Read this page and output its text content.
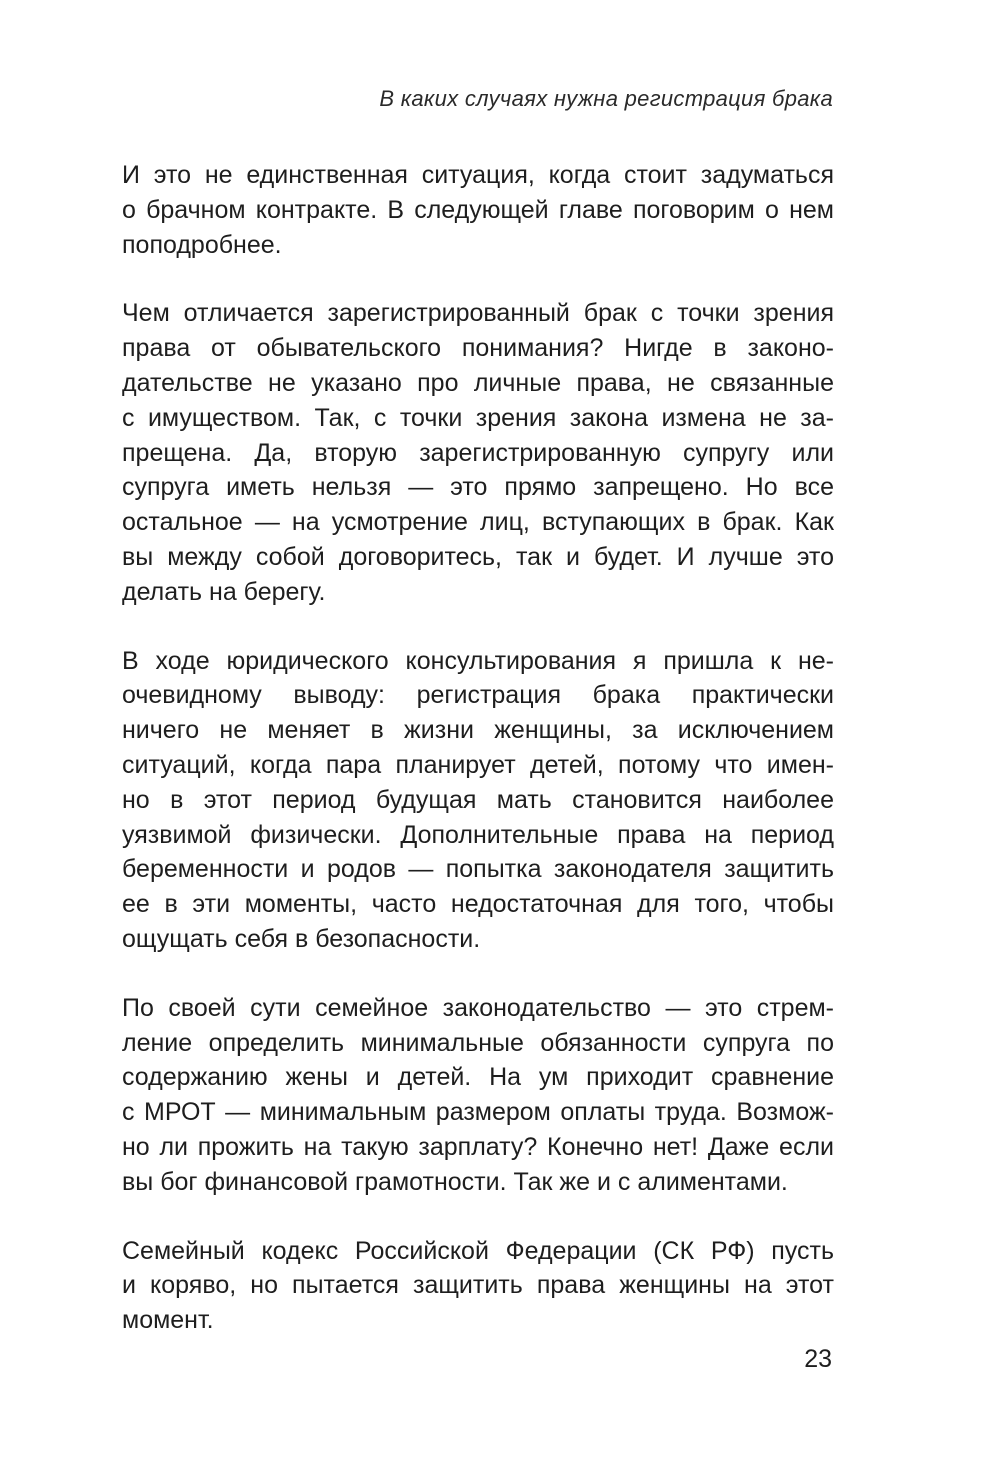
В каких случаях нужна регистрация брака
И это не единственная ситуация, когда стоит задуматься
о брачном контракте. В следующей главе поговорим о нем
поподробнее.
Чем отличается зарегистрированный брак с точки зрения
права от обывательского понимания? Нигде в законо-
дательстве не указано про личные права, не связанные
с имуществом. Так, с точки зрения закона измена не за-
прещена. Да, вторую зарегистрированную супругу или
супруга иметь нельзя — это прямо запрещено. Но все
остальное — на усмотрение лиц, вступающих в брак. Как
вы между собой договоритесь, так и будет. И лучше это
делать на берегу.
В ходе юридического консультирования я пришла к не-
очевидному выводу: регистрация брака практически
ничего не меняет в жизни женщины, за исключением
ситуаций, когда пара планирует детей, потому что имен-
но в этот период будущая мать становится наиболее
уязвимой физически. Дополнительные права на период
беременности и родов — попытка законодателя защитить
ее в эти моменты, часто недостаточная для того, чтобы
ощущать себя в безопасности.
По своей сути семейное законодательство — это стрем-
ление определить минимальные обязанности супруга по
содержанию жены и детей. На ум приходит сравнение
с МРОТ — минимальным размером оплаты труда. Возмож-
но ли прожить на такую зарплату? Конечно нет! Даже если
вы бог финансовой грамотности. Так же и с алиментами.
Семейный кодекс Российской Федерации (СК РФ) пусть
и коряво, но пытается защитить права женщины на этот
момент.
23
